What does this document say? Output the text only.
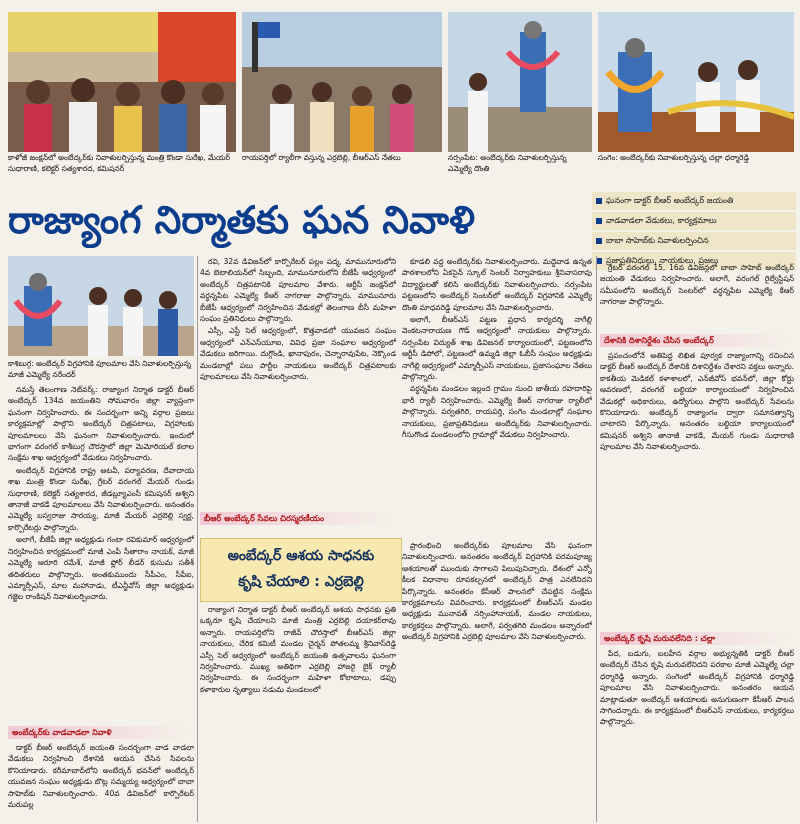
కాళోజీ జంక్షన్‌లో అంబేద్కర్‌కు నివాళులర్పిస్తున్న మంత్రి కొండా సురేఖ, మేయర్ సుధారాణి, కలెక్టర్ సత్యశారద, కమిషనర్
రాయపర్తిలో ర్యాలీగా వస్తున్న ఎర్రబెల్లి, బీఆర్ఎస్ నేతలు	నర్సంపేట: అంబేద్కర్‌కు నివాళులర్పిస్తున్న ఎమ్మెల్యే దొంతి
సంగెం: అంబేద్కర్‌కు నివాళులర్పిస్తున్న చల్లా ధర్మారెడ్డి
రాజ్యాంగ నిర్మాతకు ఘన నివాళి	ఘనంగా డాక్టర్ బీఆర్ అంబేద్కర్ జయంతి
వాడవాడలా వేడుకలు, కార్యక్రమాలు
బాబా సాహెబ్‌కు నివాళులర్పించిన
ప్రజాప్రతినిధులు, నాయకులు, ప్రజలు
కాశిబుగ్గ: అంబేద్కర్ విగ్రహానికి పూలమాల వేసి నివాళులర్పిస్తున్న మాజీ ఎమ్మెల్యే నరేందర్

నమస్తే తెలంగాణ నెట్‌వర్క్: రాజ్యాంగ నిర్మాత డాక్టర్ బీఆర్ అంబేద్కర్ 134వ జయంతిని సోమవారం జిల్లా వ్యాప్తంగా ఘనంగా నిర్వహించారు. ఈ సందర్భంగా అన్ని వర్గాల ప్రజలు కార్యక్రమాల్లో పాల్గొని అంబేద్కర్ చిత్రపటాలు, విగ్రహాలకు పూలమాలలు వేసి ఘనంగా నివాళులర్పించారు. ఇందులో భాగంగా వరంగల్ కాశీబుగ్గ చౌరస్తాలో జిల్లా మెమోరియల్ కలాల సంక్షేమ శాఖ ఆధ్వర్యంలో వేడుకలు నిర్వహించారు.

అంబేద్కర్ విగ్రహానికి రాష్ట్ర అటవీ, పర్యావరణ, దేవాదాయ శాఖ మంత్రి కొండా సురేఖ, గ్రేటర్ వరంగల్ మేయర్ గుండు సుధారాణి, కలెక్టర్ సత్యశారద, జీడబ్ల్యూఎంసీ కమిషనర్ అశ్విని తానాజీ వాకడే పూలమాలలు వేసి నివాళులర్పించారు. అనంతరం ఎమ్మెల్యే బస్వరాజు సారయ్య, మాజీ మేయర్ ఎర్రబెల్లి స్వర్ణ, కార్పొరేటర్లు పాల్గొన్నారు.

అలాగే, బీజేపీ జిల్లా అధ్యక్షుడు గంటా రవికుమార్ ఆధ్వర్యంలో నిర్వహించిన కార్యక్రమంలో మాజీ ఎంపీ సీతారాం నాయక్, మాజీ ఎమ్మెల్యే ఆరూరి రమేశ్, మాజీ ఫ్లోర్ లీడర్ కుసుమ సతీశ్ తదితరులు పాల్గొన్నారు. అంతకుముందు సీపీఎం, సీపీఐ, ఎమ్మార్పీఎస్, మాల మహానాడు, టీఎన్జీవోస్ జిల్లా అధ్యక్షుడు గజ్జెల రాంకిషన్ నివాళులర్పించారు.

అంబేద్కర్‌కు వాడవాడలా నివాళి

డాక్టర్ బీఆర్ అంబేద్కర్ జయంతి సందర్భంగా వాడ వాడలా వేడుకలు నిర్వహించి దేశానికి ఆయన చేసిన సేవలను కొనియాడారు. కరీమాబాద్‌లోని అంబేద్కర్ భవన్‌లో అంబేద్కర్ యువజన సంఘం అధ్యక్షుడు బొట్ల సమ్మయ్య ఆధ్వర్యంలో బాబా సాహెబ్‌కు నివాళులర్పించారు. 40వ డివిజన్‌లో కార్పొరేటర్ మరుపల్ల

రవి, 32వ డివిజన్‌లో కార్పొరేటర్ పల్లం పద్మ, మామునూరులోని 4వ బెటాలియన్‌లో సిబ్బంది, మామునూరులోని బీజేపీ ఆధ్వర్యంలో అంబేద్కర్ చిత్రపటానికి పూలమాల వేశారు. ఆర్టీసీ జంక్షన్‌లో వర్ధన్నపేట ఎమ్మెల్యే కేఆర్ నాగరాజు పాల్గొన్నారు. మామునూరు బీజేపీ ఆధ్వర్యంలో నిర్వహించిన వేడుకల్లో తెలంగాణ బీసీ మహిళా సంఘం ప్రతినిధులు పాల్గొన్నారు.

ఎస్సీ, ఎస్టీ సెల్ ఆధ్వర్యంలో, కొత్తవాడలో యువజన సంఘం ఆధ్వర్యంలో ఎన్‌ఎస్‌యూఐ, వివిధ ప్రజా సంఘాల ఆధ్వర్యంలో వేడుకలు జరిగాయి. దుగ్గొండి, ఖానాపురం, చెన్నారావుపేట, నెక్కొండ మండలాల్లో పలు పార్టీల నాయకులు అంబేద్కర్ చిత్రపటాలకు పూలమాలలు వేసి నివాళులర్పించారు.

బీఆర్ అంబేద్కర్ సేవలు చిరస్మరణీయం

కూడలి వద్ద అంబేద్కర్‌కు నివాళులర్పించారు. మద్దెవాడ ఉన్నత పాఠశాలలోని ఏకసైన్ స్కూల్ సెంటర్ నిర్వాహకులు శ్రీనివాసరావు విద్యార్థులతో కలిసి అంబేద్కర్‌కు నివాళులర్పించారు. నర్సంపేట పట్టణంలోని అంబేద్కర్ సెంటర్‌లో అంబేద్కర్ విగ్రహానికి ఎమ్మెల్యే దొంతి మాధవరెడ్డి పూలమాల వేసి నివాళులర్పించారు.

అలాగే, బీఆర్ఎస్ పట్టణ ప్రధాన కార్యదర్శి నాగేల్లి వెంకటనారాయణ గౌడ్ ఆధ్వర్యంలో నాయకులు పాల్గొన్నారు. నర్సంపేట విద్యుత్ శాఖ డివిజనల్ కార్యాలయంలో, పట్టణంలోని ఆర్టీసీ డిపోలో, పట్టణంలో ఉమ్మడి జిల్లా ఓబీసీ సంఘం అధ్యక్షుడు నాగేల్లి ఆధ్వర్యంలో ఎమ్మార్పీఎస్ నాయకులు, ప్రజాసంఘాల నేతలు పాల్గొన్నారు.

వర్ధన్నపేట మండలం ఇల్లంద గ్రామం నుంచి జాతీయ రహదారిపై భారీ ర్యాలీ నిర్వహించారు. ఎమ్మెల్యే కేఆర్ నాగరాజు ర్యాలీలో పాల్గొన్నారు. పర్వతగిరి, రాయపర్తి, సంగెం మండలాల్లో సంఘాల నాయకులు, ప్రజాప్రతినిధులు అంబేద్కర్‌కు నివాళులర్పించారు. గీసుగొండ మండలంలోని గ్రామాల్లో వేడుకలు నిర్వహించారు.

గ్రేటర్ వరంగల్ 15, 16వ డివిజన్లలో బాబా సాహెబ్ అంబేద్కర్ జయంతి వేడుకలు నిర్వహించారు. అలాగే, వరంగల్ రైల్వేస్టేషన్ సమీపంలోని అంబేద్కర్ సెంటర్‌లో వర్ధన్నపేట ఎమ్మెల్యే కేఆర్ నాగరాజు పాల్గొన్నారు.

దేశానికి దిశానిర్దేశం చేసిన అంబేద్కర్

ప్రపంచంలోనే అతిపెద్ద లిఖిత పూర్వక రాజ్యాంగాన్ని రచించిన డాక్టర్ బీఆర్ అంబేద్కర్ దేశానికి దిశానిర్దేశం చేశారని వక్తలు అన్నారు. కాకతీయ మెడికల్ కళాశాలలో, ఎన్‌జీవోస్ భవన్‌లో, జిల్లా కోర్టు ఆవరణలో, వరంగల్ బల్దియా కార్యాలయంలో నిర్వహించిన వేడుకల్లో అధికారులు, ఉద్యోగులు పాల్గొని అంబేద్కర్ సేవలను కొనియాడారు. అంబేద్కర్ రాజ్యాంగం ద్వారా సమానత్వాన్ని చాటారని పేర్కొన్నారు. అనంతరం బల్దియా కార్యాలయంలో కమిషనర్ అశ్విని తానాజీ వాకడే, మేయర్ గుండు సుధారాణి పూలమాల వేసి నివాళులర్పించారు.

అంబేద్కర్ కృషి మరువలేనిది : చల్లా

పేద, బడుగు, బలహీన వర్గాల అభ్యున్నతికి డాక్టర్ బీఆర్ అంబేద్కర్ చేసిన కృషి మరువలేనిదని పరకాల మాజీ ఎమ్మెల్యే చల్లా ధర్మారెడ్డి అన్నారు. సంగెంలో అంబేద్కర్ విగ్రహానికి ధర్మారెడ్డి పూలమాల వేసి నివాళులర్పించారు. అనంతరం ఆయన మాట్లాడుతూ అంబేద్కర్ ఆశయాలకు అనుగుణంగా కేసీఆర్ పాలన సాగిందన్నారు. ఈ కార్యక్రమంలో బీఆర్ఎస్ నాయకులు, కార్యకర్తలు పాల్గొన్నారు.

అంబేద్కర్ ఆశయ సాధనకు
కృషి చేయాలి : ఎర్రబెల్లి

రాజ్యాంగ నిర్మాత డాక్టర్ బీఆర్ అంబేద్కర్ ఆశయ సాధనకు ప్రతి ఒక్కరూ కృషి చేయాలని మాజీ మంత్రి ఎర్రబెల్లి దయాకర్‌రావు అన్నారు. రాయపర్తిలోని రాజీవ్ చౌరస్తాలో బీఆర్ఎస్ జిల్లా నాయకులు, చేరిక కమిటీ మండల చైర్మన్ పోతలమ్మ శ్రీనివాస్‌రెడ్డి ఎస్సీ సెల్ ఆధ్వర్యంలో అంబేద్కర్ జయంతి ఉత్సవాలను ఘనంగా నిర్వహించారు. ముఖ్య అతిథిగా ఎర్రబెల్లి హాజరై బైక్ ర్యాలీ నిర్వహించారు. ఈ సందర్భంగా మహిళా కోలాటాలు, డప్పు కళాకారుల నృత్యాలు నడుమ మండలంలో

ప్రారంభించి అంబేద్కర్‌కు పూలమాల వేసి ఘనంగా నివాళులర్పించారు. అనంతరం అంబేద్కర్ విగ్రహానికి పరమపూజ్య ఆశయాలతో ముందుకు సాగాలని పిలుపునిచ్చారు. దేశంలో ఎన్నో కీలక విధానాల రూపకల్పనలో అంబేద్కర్ పాత్ర ఎనలేనిదని పేర్కొన్నారు. అనంతరం కేసీఆర్ పాలనలో చేపట్టిన సంక్షేమ కార్యక్రమాలను వివరించారు. కార్యక్రమంలో బీఆర్ఎస్ మండల అధ్యక్షుడు మునావత్ నర్సింహానాయక్, మండల నాయకులు, కార్యకర్తలు పాల్గొన్నారు. అలాగే, పర్వతగిరి మండలం అన్నారంలో అంబేద్కర్ విగ్రహానికి ఎర్రబెల్లి పూలమాల వేసి నివాళులర్పించారు.
